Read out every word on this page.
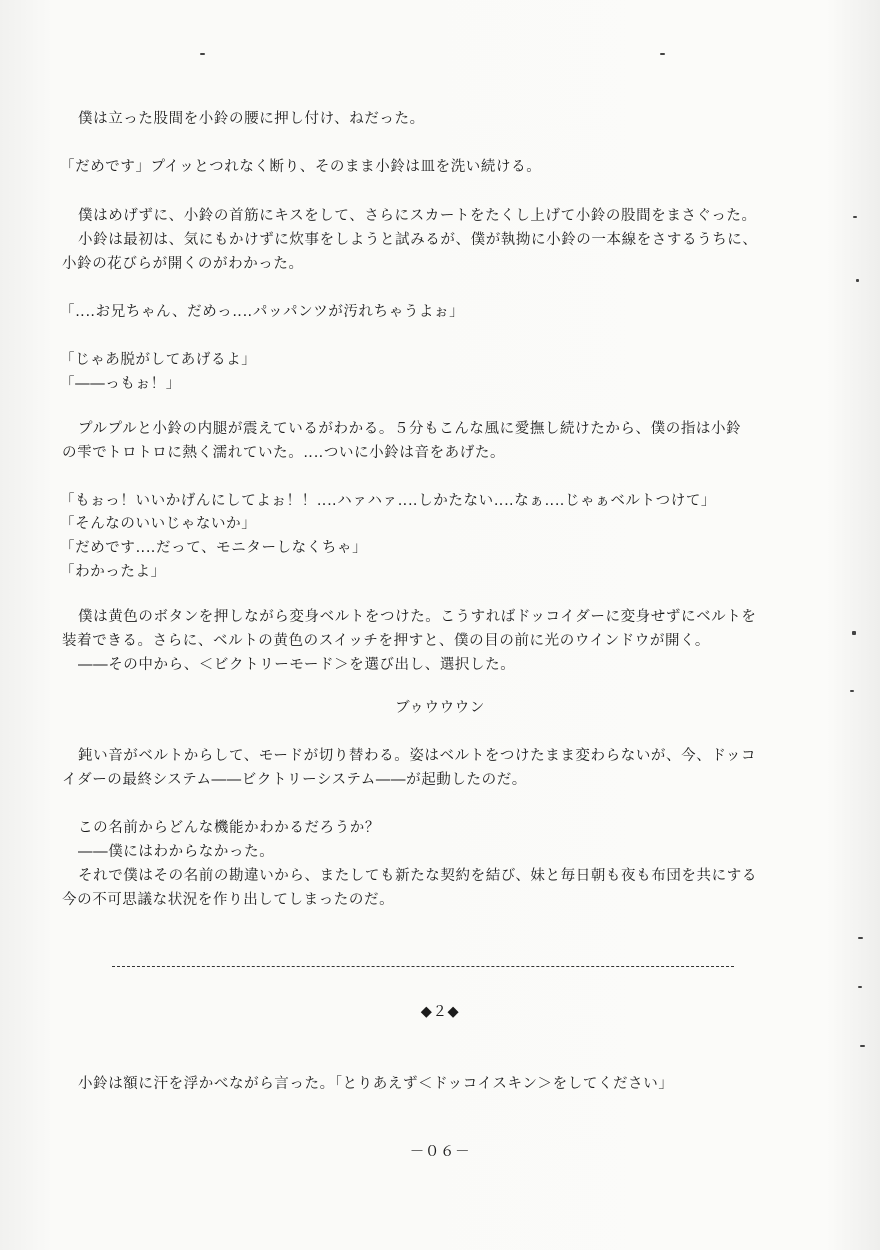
僕は立った股間を小鈴の腰に押し付け、ねだった。
「だめです」プイッとつれなく断り、そのまま小鈴は皿を洗い続ける。
僕はめげずに、小鈴の首筋にキスをして、さらにスカートをたくし上げて小鈴の股間をまさぐった。
小鈴は最初は、気にもかけずに炊事をしようと試みるが、僕が執拗に小鈴の一本線をさするうちに、
小鈴の花びらが開くのがわかった。
「‥‥お兄ちゃん、だめっ‥‥パッパンツが汚れちゃうよぉ」
「じゃあ脱がしてあげるよ」
「――っもぉ！」
プルプルと小鈴の内腿が震えているがわかる。５分もこんな風に愛撫し続けたから、僕の指は小鈴
の雫でトロトロに熱く濡れていた。‥‥ついに小鈴は音をあげた。
「もぉっ！いいかげんにしてよぉ！！‥‥ハァハァ‥‥しかたない‥‥なぁ‥‥じゃぁベルトつけて」
「そんなのいいじゃないか」
「だめです‥‥だって、モニターしなくちゃ」
「わかったよ」
僕は黄色のボタンを押しながら変身ベルトをつけた。こうすればドッコイダーに変身せずにベルトを
装着できる。さらに、ベルトの黄色のスイッチを押すと、僕の目の前に光のウインドウが開く。
――その中から、＜ビクトリーモード＞を選び出し、選択した。
ブゥウウウン
鈍い音がベルトからして、モードが切り替わる。姿はベルトをつけたまま変わらないが、今、ドッコ
イダーの最終システム――ビクトリーシステム――が起動したのだ。
この名前からどんな機能かわかるだろうか？
――僕にはわからなかった。
それで僕はその名前の勘違いから、またしても新たな契約を結び、妹と毎日朝も夜も布団を共にする
今の不可思議な状況を作り出してしまったのだ。
◆２◆
小鈴は額に汗を浮かべながら言った。「とりあえず＜ドッコイスキン＞をしてください」
－０６－
